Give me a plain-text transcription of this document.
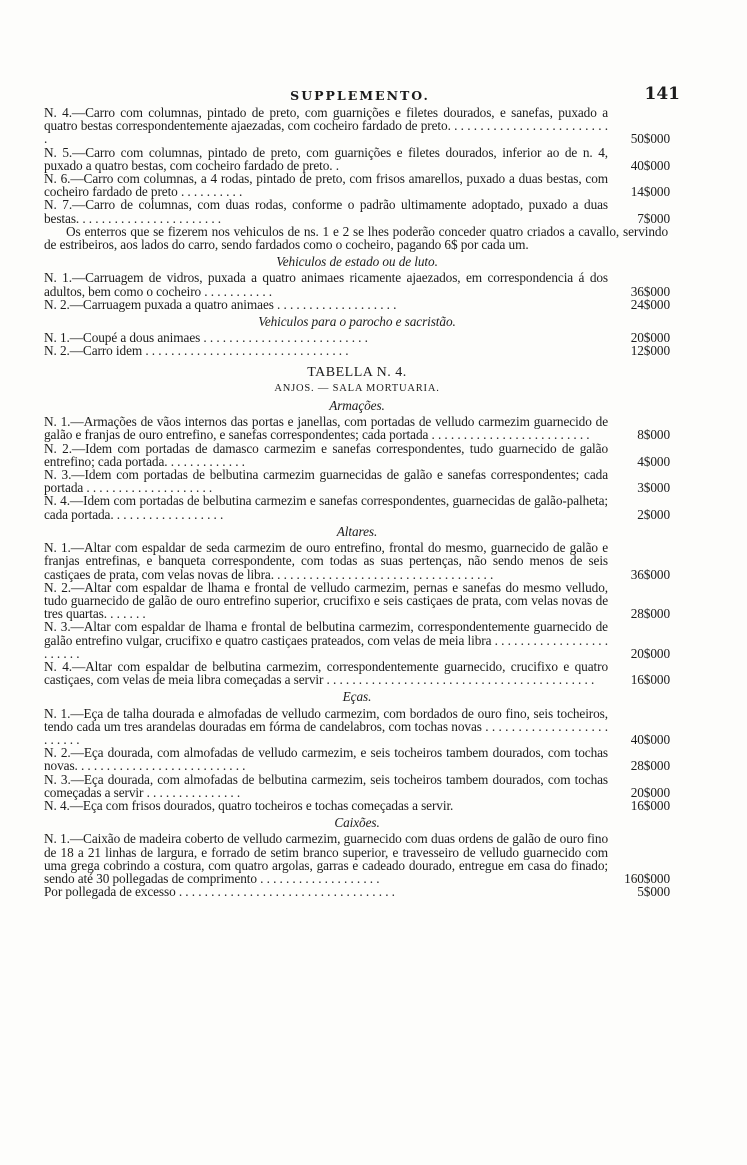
SUPPLEMENTO.	141
N. 4.—Carro com columnas, pintado de preto, com guarnições e filetes dourados, e sanefas, puxado a quatro bestas correspondentemente ajaezadas, com cocheiro fardado de preto. . . . . . . . . . . . . . . . . . . . . . . . . .	50$000
N. 5.—Carro com columnas, pintado de preto, com guarnições e filetes dourados, inferior ao de n. 4, puxado a quatro bestas, com cocheiro fardado de preto. .	40$000
N. 6.—Carro com columnas, a 4 rodas, pintado de preto, com frisos amarellos, puxado a duas bestas, com cocheiro fardado de preto . . . . . . . . . .	14$000
N. 7.—Carro de columnas, com duas rodas, conforme o padrão ultimamente adoptado, puxado a duas bestas. . . . . . . . . . . . . . . . . . . . . . .	7$000
Os enterros que se fizerem nos vehiculos de ns. 1 e 2 se lhes poderão conceder quatro criados a cavallo, servindo de estribeiros, aos lados do carro, sendo fardados como o cocheiro, pagando 6$ por cada um.
Vehiculos de estado ou de luto.
N. 1.—Carruagem de vidros, puxada a quatro animaes ricamente ajaezados, em correspondencia á dos adultos, bem como o cocheiro . . . . . . . . . . .	36$000
N. 2.—Carruagem puxada a quatro animaes . . . . . . . . . . . . . . . . . . .	24$000
Vehiculos para o parocho e sacristão.
N. 1.—Coupé a dous animaes . . . . . . . . . . . . . . . . . . . . . . . . . .	20$000
N. 2.—Carro idem . . . . . . . . . . . . . . . . . . . . . . . . . . . . . . . .	12$000
TABELLA N. 4.
ANJOS. — SALA MORTUARIA.
Armações.
N. 1.—Armações de vãos internos das portas e janellas, com portadas de velludo carmezim guarnecido de galão e franjas de ouro entrefino, e sanefas correspondentes; cada portada . . . . . . . . . . . . . . . . . . . . . . . . .	8$000
N. 2.—Idem com portadas de damasco carmezim e sanefas correspondentes, tudo guarnecido de galão entrefino; cada portada. . . . . . . . . . . . .	4$000
N. 3.—Idem com portadas de belbutina carmezim guarnecidas de galão e sanefas correspondentes; cada portada . . . . . . . . . . . . . . . . . . . .	3$000
N. 4.—Idem com portadas de belbutina carmezim e sanefas correspondentes, guarnecidas de galão-palheta; cada portada. . . . . . . . . . . . . . . . . .	2$000
Altares.
N. 1.—Altar com espaldar de seda carmezim de ouro entrefino, frontal do mesmo, guarnecido de galão e franjas entrefinas, e banqueta correspondente, com todas as suas pertenças, não sendo menos de seis castiçaes de prata, com velas novas de libra. . . . . . . . . . . . . . . . . . . . . . . . . . . . . . . . . . .	36$000
N. 2.—Altar com espaldar de lhama e frontal de velludo carmezim, pernas e sanefas do mesmo velludo, tudo guarnecido de galão de ouro entrefino superior, crucifixo e seis castiçaes de prata, com velas novas de tres quartas. . . . . . .	28$000
N. 3.—Altar com espaldar de lhama e frontal de belbutina carmezim, correspondentemente guarnecido de galão entrefino vulgar, crucifixo e quatro castiçaes prateados, com velas de meia libra . . . . . . . . . . . . . . . . . . . . . . . .	20$000
N. 4.—Altar com espaldar de belbutina carmezim, correspondentemente guarnecido, crucifixo e quatro castiçaes, com velas de meia libra começadas a servir . . . . . . . . . . . . . . . . . . . . . . . . . . . . . . . . . . . . . . . . . .	16$000
Eças.
N. 1.—Eça de talha dourada e almofadas de velludo carmezim, com bordados de ouro fino, seis tocheiros, tendo cada um tres arandelas douradas em fórma de candelabros, com tochas novas . . . . . . . . . . . . . . . . . . . . . . . . .	40$000
N. 2.—Eça dourada, com almofadas de velludo carmezim, e seis tocheiros tambem dourados, com tochas novas. . . . . . . . . . . . . . . . . . . . . . . . . . .	28$000
N. 3.—Eça dourada, com almofadas de belbutina carmezim, seis tocheiros tambem dourados, com tochas começadas a servir . . . . . . . . . . . . . . .	20$000
N. 4.—Eça com frisos dourados, quatro tocheiros e tochas começadas a servir.	16$000
Caixões.
N. 1.—Caixão de madeira coberto de velludo carmezim, guarnecido com duas ordens de galão de ouro fino de 18 a 21 linhas de largura, e forrado de setim branco superior, e travesseiro de velludo guarnecido com uma grega cobrindo a costura, com quatro argolas, garras e cadeado dourado, entregue em casa do finado; sendo até 30 pollegadas de comprimento . . . . . . . . . . . . . . . . . . .	160$000
Por pollegada de excesso . . . . . . . . . . . . . . . . . . . . . . . . . . . . . . . . . .	5$000
